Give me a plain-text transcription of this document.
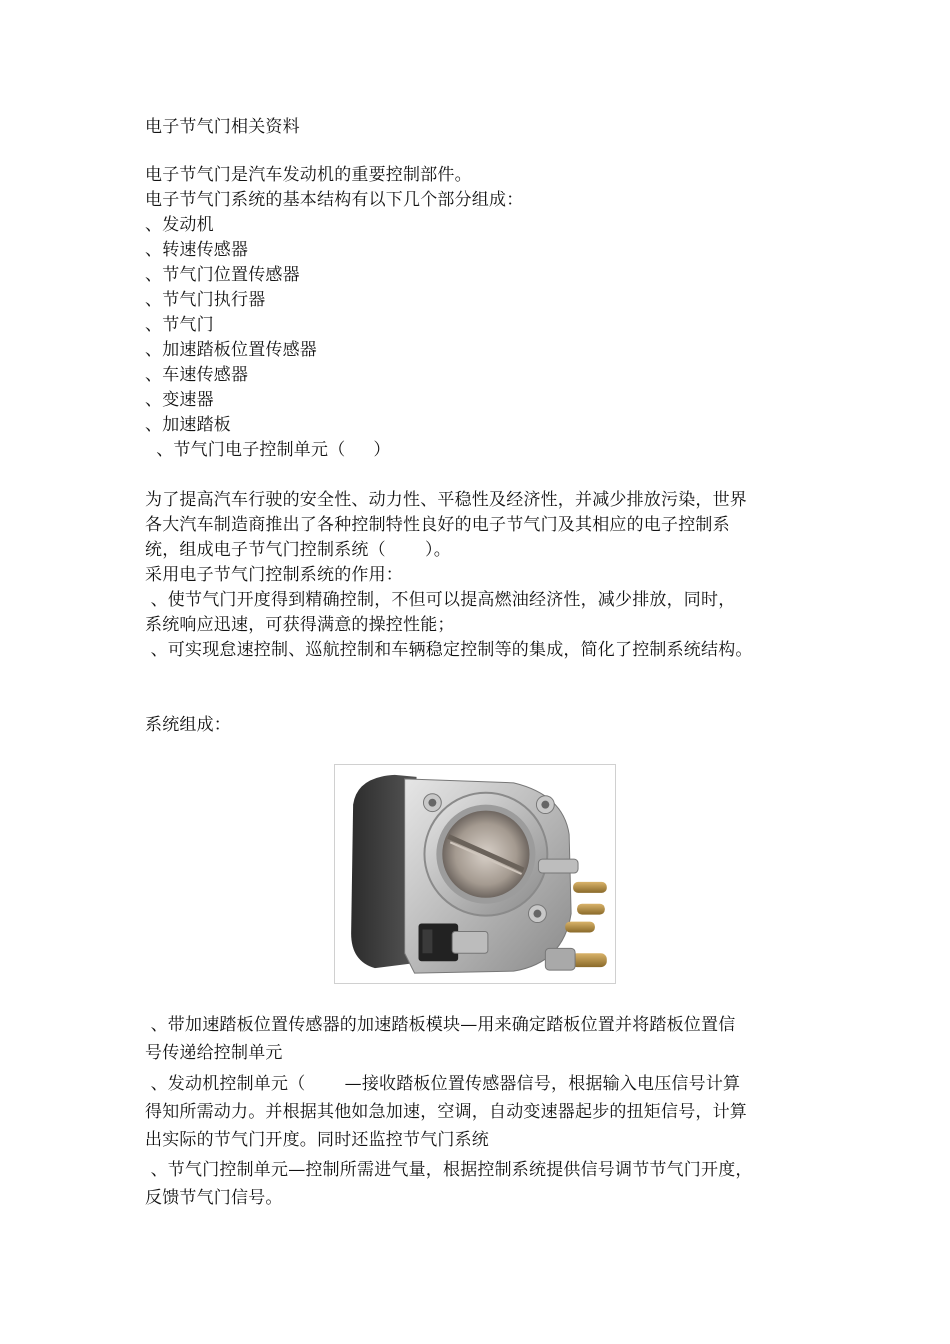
电子节气门相关资料
电子节气门是汽车发动机的重要控制部件。
电子节气门系统的基本结构有以下几个部分组成：
、发动机
、转速传感器
、节气门位置传感器
、节气门执行器
、节气门
、加速踏板位置传感器
、车速传感器
、变速器
、加速踏板
、节气门电子控制单元（     ）
为了提高汽车行驶的安全性、动力性、平稳性及经济性，并减少排放污染，世界
各大汽车制造商推出了各种控制特性良好的电子节气门及其相应的电子控制系
统，组成电子节气门控制系统（       ）。
采用电子节气门控制系统的作用：
、使节气门开度得到精确控制，不但可以提高燃油经济性，减少排放，同时，
系统响应迅速，可获得满意的操控性能；
、可实现怠速控制、巡航控制和车辆稳定控制等的集成，简化了控制系统结构。
系统组成：
、带加速踏板位置传感器的加速踏板模块—用来确定踏板位置并将踏板位置信
号传递给控制单元
、发动机控制单元（       —接收踏板位置传感器信号，根据输入电压信号计算
得知所需动力。并根据其他如急加速，空调，自动变速器起步的扭矩信号，计算
出实际的节气门开度。同时还监控节气门系统
、节气门控制单元—控制所需进气量，根据控制系统提供信号调节节气门开度，
反馈节气门信号。
